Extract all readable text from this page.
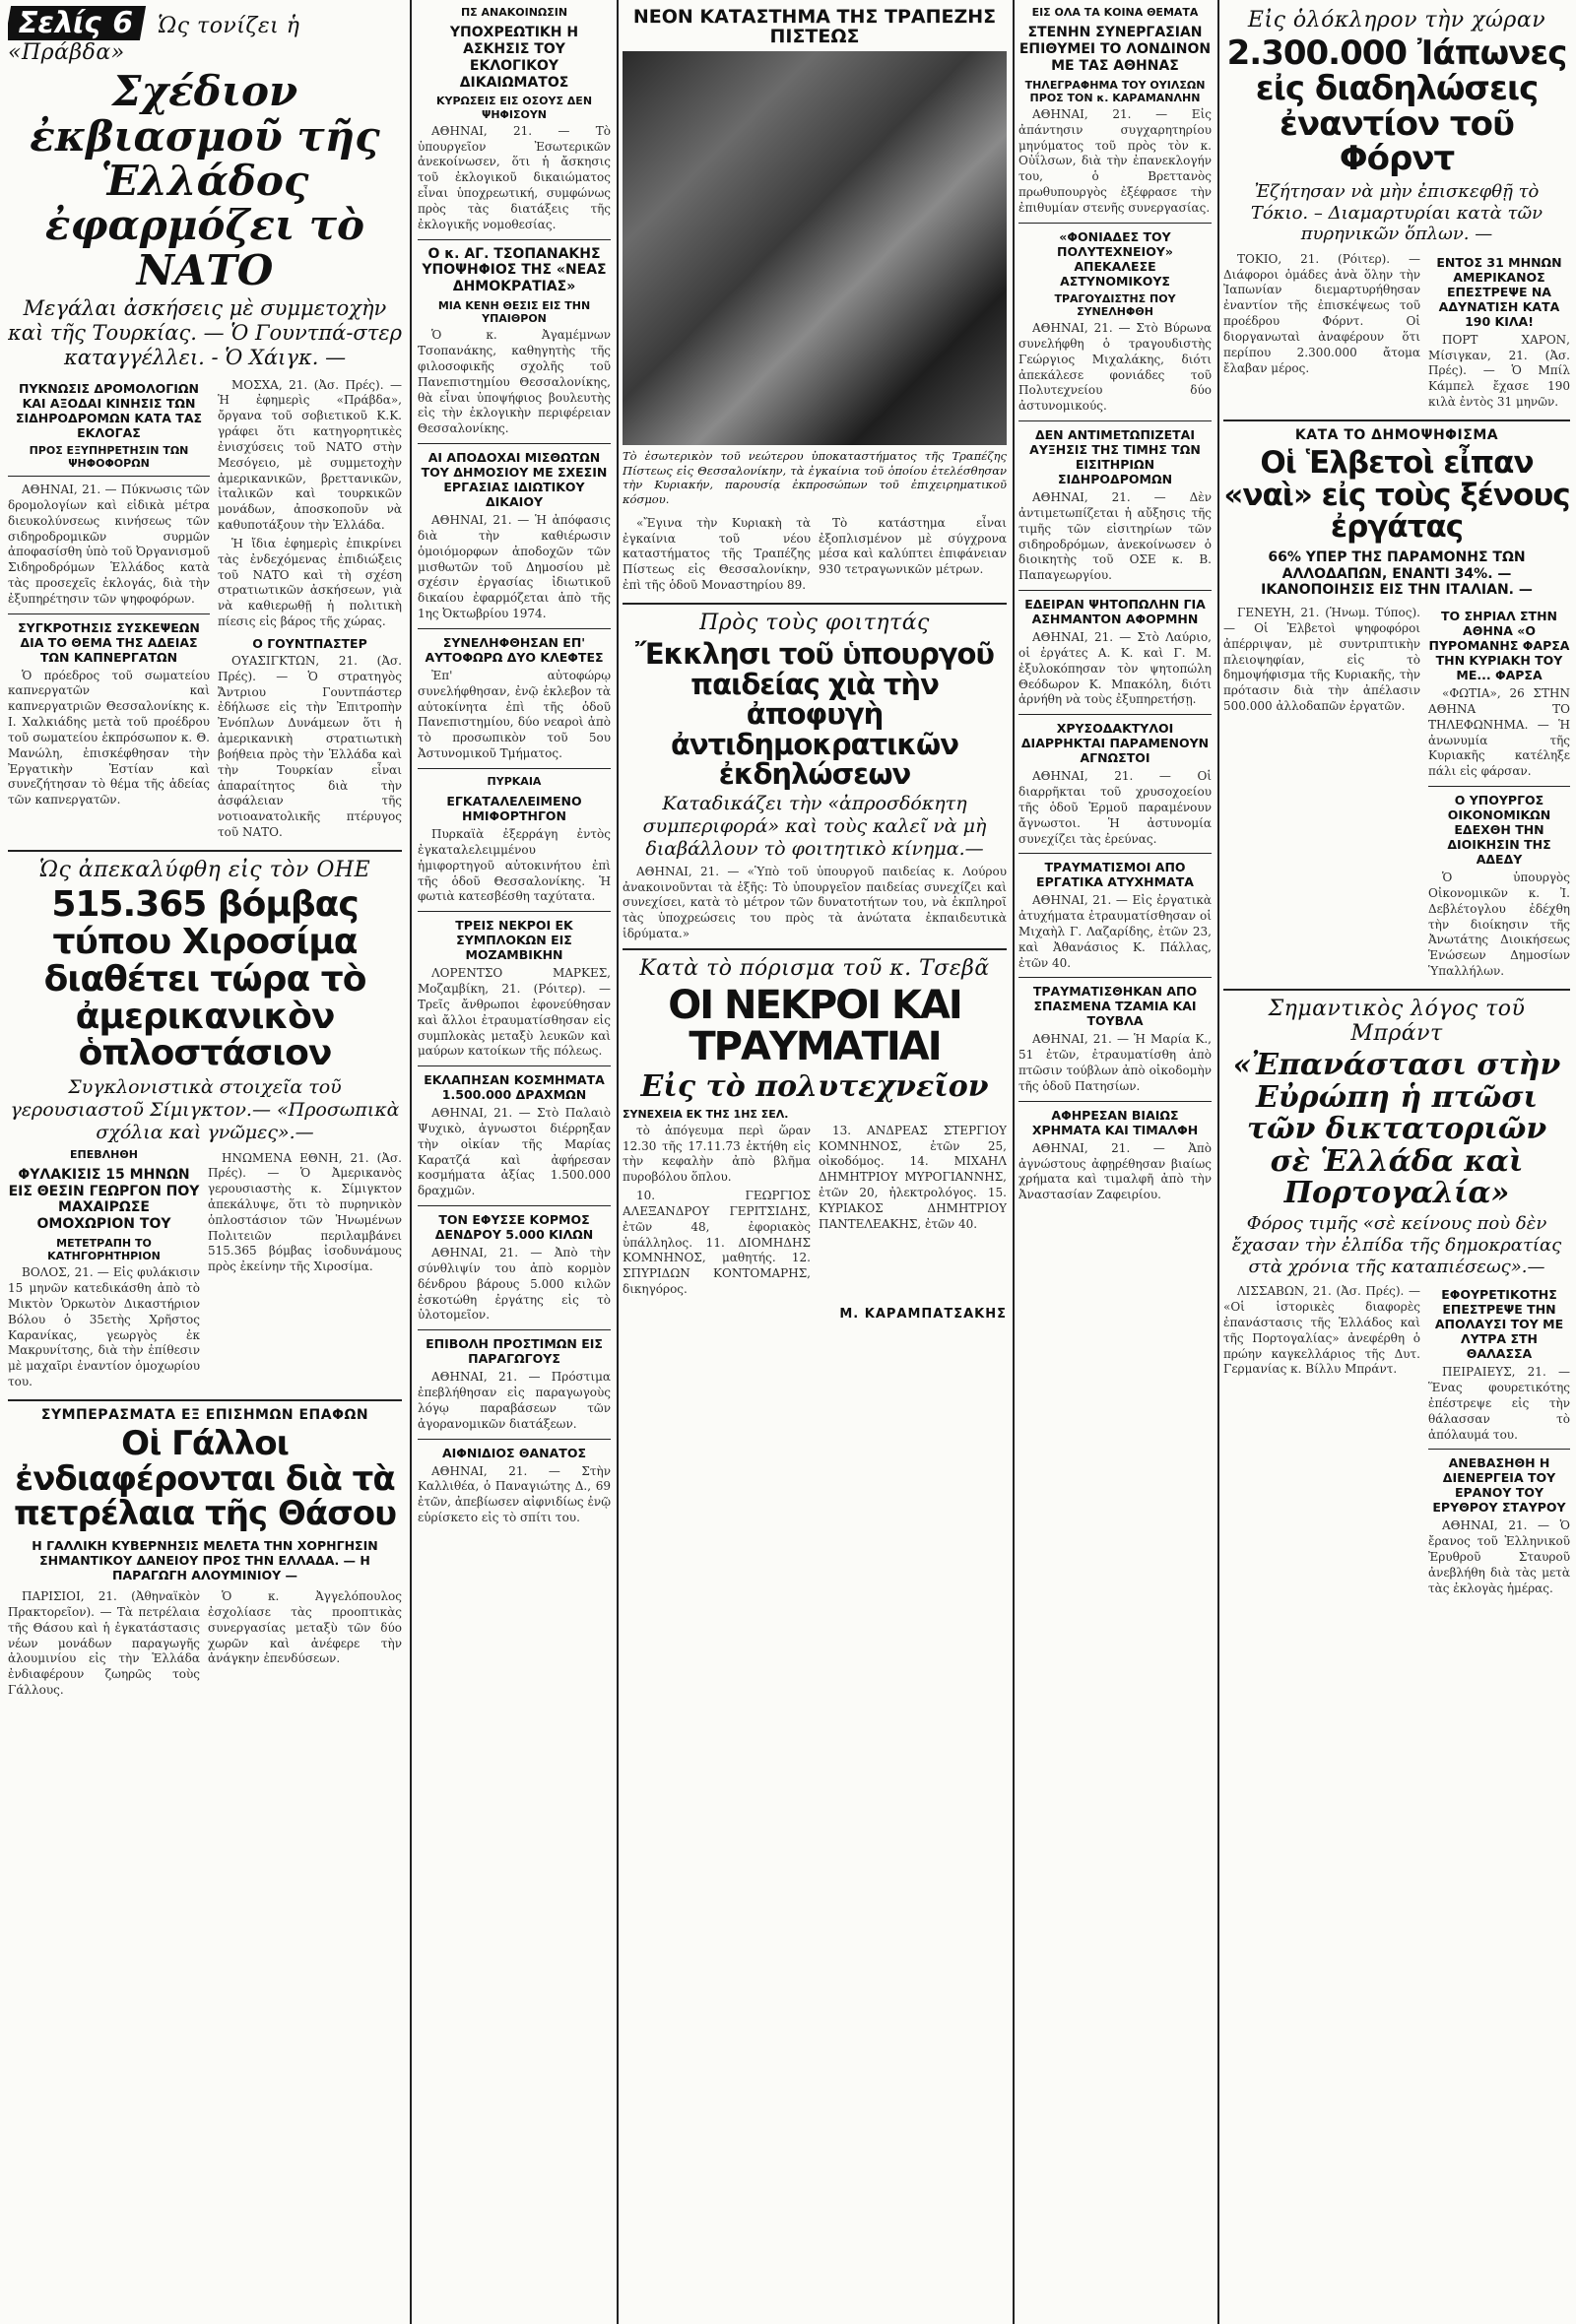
Σελίς 6 Ὡς τονίζει ἡ «Πράβδα»
Σχέδιον ἐκβιασμοῦ τῆς Ἑλλάδος ἐφαρμόζει τὸ ΝΑΤΟ
Μεγάλαι ἀσκήσεις μὲ συμμετοχὴν καὶ τῆς Τουρκίας. — Ὁ Γουντπά-στερ καταγγέλλει. - Ὁ Χάιγκ. —
ΠΥΚΝΩΣΙΣ ΔΡΟΜΟΛΟΓΙΩΝ ΚΑΙ ΑΞΟΔΑΙ ΚΙΝΗΣΙΣ ΤΩΝ ΣΙΔΗΡΟΔΡΟΜΩΝ ΚΑΤΑ ΤΑΣ ΕΚΛΟΓΑΣ
ΠΡΟΣ ΕΞΥΠΗΡΕΤΗΣΙΝ ΤΩΝ ΨΗΦΟΦΟΡΩΝ

ΑΘΗΝΑΙ, 21. — Πύκνωσις τῶν δρομολογίων καὶ εἰδικὰ μέτρα διευκολύνσεως κινήσεως τῶν σιδηροδρομικῶν συρμῶν ἀποφασίσθη ὑπὸ τοῦ Ὀργανισμοῦ Σιδηροδρόμων Ἑλλάδος κατὰ τὰς προσεχεῖς ἐκλογάς, διὰ τὴν ἐξυπηρέτησιν τῶν ψηφοφόρων.

ΣΥΓΚΡΟΤΗΣΙΣ ΣΥΣΚΕΨΕΩΝ ΔΙΑ ΤΟ ΘΕΜΑ ΤΗΣ ΑΔΕΙΑΣ ΤΩΝ ΚΑΠΝΕΡΓΑΤΩΝ

Ὁ πρόεδρος τοῦ σωματείου καπνεργατῶν καὶ καπνεργατριῶν Θεσσαλονίκης κ. Ι. Χαλκιάδης μετὰ τοῦ προέδρου τοῦ σωματείου ἐκπρόσωπον κ. Θ. Μανώλη, ἐπισκέφθησαν τὴν Ἐργατικὴν Ἑστίαν καὶ συνεζήτησαν τὸ θέμα τῆς ἀδείας τῶν καπνεργατῶν.

ΜΟΣΧΑ, 21. (Ἀσ. Πρές). — Ἡ ἐφημερὶς «Πράβδα», ὄργανα τοῦ σοβιετικοῦ Κ.Κ. γράφει ὅτι κατηγορητικὲς ἐνισχύσεις τοῦ ΝΑΤΟ στὴν Μεσόγειο, μὲ συμμετοχὴν ἀμερικανικῶν, βρεττανικῶν, ἰταλικῶν καὶ τουρκικῶν μονάδων, ἀποσκοποῦν νὰ καθυποτάξουν τὴν Ἑλλάδα.

Ἡ ἴδια ἐφημερὶς ἐπικρίνει τὰς ἐνδεχόμενας ἐπιδιώξεις τοῦ ΝΑΤΟ καὶ τὴ σχέση στρατιωτικῶν ἀσκήσεων, γιὰ νὰ καθιερωθῇ ἡ πολιτικὴ πίεσις εἰς βάρος τῆς χώρας.

Ο ΓΟΥΝΤΠΑΣΤΕΡ

ΟΥΑΣΙΓΚΤΩΝ, 21. (Ἀσ. Πρές). — Ὁ στρατηγὸς Ἄντριου Γουντπάστερ ἐδήλωσε εἰς τὴν Ἐπιτροπὴν Ἐνόπλων Δυνάμεων ὅτι ἡ ἀμερικανικὴ στρατιωτικὴ βοήθεια πρὸς τὴν Ἑλλάδα καὶ τὴν Τουρκίαν εἶναι ἀπαραίτητος διὰ τὴν ἀσφάλειαν τῆς νοτιοανατολικῆς πτέρυγος τοῦ ΝΑΤΟ.

Ὡς ἀπεκαλύφθη εἰς τὸν ΟΗΕ
515.365 βόμβας τύπου Χιροσίμα διαθέτει τώρα τὸ ἀμερικανικὸν ὁπλοστάσιον
Συγκλονιστικὰ στοιχεῖα τοῦ γερουσιαστοῦ Σίμιγκτον.— «Προσωπικὰ σχόλια καὶ γνῶμες».—
ΕΠΕΒΛΗΘΗ
ΦΥΛΑΚΙΣΙΣ 15 ΜΗΝΩΝ ΕΙΣ ΘΕΣΙΝ ΓΕΩΡΓΟΝ ΠΟΥ ΜΑΧΑΙΡΩΣΕ ΟΜΟΧΩΡΙΟΝ ΤΟΥ
ΜΕΤΕΤΡΑΠΗ ΤΟ ΚΑΤΗΓΟΡΗΤΗΡΙΟΝ

ΒΟΛΟΣ, 21. — Εἰς φυλάκισιν 15 μηνῶν κατεδικάσθη ἀπὸ τὸ Μικτὸν Ὁρκωτὸν Δικαστήριον Βόλου ὁ 35ετὴς Χρῆστος Καρανίκας, γεωργὸς ἐκ Μακρυνίτσης, διὰ τὴν ἐπίθεσιν μὲ μαχαῖρι ἐναντίον ὁμοχωρίου του.

ΗΝΩΜΕΝΑ ΕΘΝΗ, 21. (Ἀσ. Πρές). — Ὁ Ἀμερικανὸς γερουσιαστὴς κ. Σίμιγκτον ἀπεκάλυψε, ὅτι τὸ πυρηνικὸν ὁπλοστάσιον τῶν Ἡνωμένων Πολιτειῶν περιλαμβάνει 515.365 βόμβας ἰσοδυνάμους πρὸς ἐκείνην τῆς Χιροσίμα.

ΣΥΜΠΕΡΑΣΜΑΤΑ ΕΞ ΕΠΙΣΗΜΩΝ ΕΠΑΦΩΝ
Οἱ Γάλλοι ἐνδιαφέρονται διὰ τὰ πετρέλαια τῆς Θάσου
Η ΓΑΛΛΙΚΗ ΚΥΒΕΡΝΗΣΙΣ ΜΕΛΕΤΑ ΤΗΝ ΧΟΡΗΓΗΣΙΝ ΣΗΜΑΝΤΙΚΟΥ ΔΑΝΕΙΟΥ ΠΡΟΣ ΤΗΝ ΕΛΛΑΔΑ. — Η ΠΑΡΑΓΩΓΗ ΑΛΟΥΜΙΝΙΟΥ —

ΠΑΡΙΣΙΟΙ, 21. (Ἀθηναϊκὸν Πρακτορεῖον). — Τὰ πετρέλαια τῆς Θάσου καὶ ἡ ἐγκατάστασις νέων μονάδων παραγωγῆς ἀλουμινίου εἰς τὴν Ἑλλάδα ἐνδιαφέρουν ζωηρῶς τοὺς Γάλλους.

Ὁ κ. Ἀγγελόπουλος ἐσχολίασε τὰς προοπτικὰς συνεργασίας μεταξὺ τῶν δύο χωρῶν καὶ ἀνέφερε τὴν ἀνάγκην ἐπενδύσεων.

ΠΣ ΑΝΑΚΟΙΝΩΣΙΝ
ΥΠΟΧΡΕΩΤΙΚΗ Η ΑΣΚΗΣΙΣ ΤΟΥ ΕΚΛΟΓΙΚΟΥ ΔΙΚΑΙΩΜΑΤΟΣ
ΚΥΡΩΣΕΙΣ ΕΙΣ ΟΣΟΥΣ ΔΕΝ ΨΗΦΙΣΟΥΝ

ΑΘΗΝΑΙ, 21. — Τὸ ὑπουργεῖον Ἐσωτερικῶν ἀνεκοίνωσεν, ὅτι ἡ ἄσκησις τοῦ ἐκλογικοῦ δικαιώματος εἶναι ὑποχρεωτική, συμφώνως πρὸς τὰς διατάξεις τῆς ἐκλογικῆς νομοθεσίας.

Ο κ. ΑΓ. ΤΣΟΠΑΝΑΚΗΣ ΥΠΟΨΗΦΙΟΣ ΤΗΣ «ΝΕΑΣ ΔΗΜΟΚΡΑΤΙΑΣ»
ΜΙΑ ΚΕΝΗ ΘΕΣΙΣ ΕΙΣ ΤΗΝ ΥΠΑΙΘΡΟΝ

Ὁ κ. Ἀγαμέμνων Τσοπανάκης, καθηγητὴς τῆς φιλοσοφικῆς σχολῆς τοῦ Πανεπιστημίου Θεσσαλονίκης, θὰ εἶναι ὑποψήφιος βουλευτὴς εἰς τὴν ἐκλογικὴν περιφέρειαν Θεσσαλονίκης.

ΑΙ ΑΠΟΔΟΧΑΙ ΜΙΣΘΩΤΩΝ ΤΟΥ ΔΗΜΟΣΙΟΥ ΜΕ ΣΧΕΣΙΝ ΕΡΓΑΣΙΑΣ ΙΔΙΩΤΙΚΟΥ ΔΙΚΑΙΟΥ

ΑΘΗΝΑΙ, 21. — Ἡ ἀπόφασις διὰ τὴν καθιέρωσιν ὁμοιόμορφων ἀποδοχῶν τῶν μισθωτῶν τοῦ Δημοσίου μὲ σχέσιν ἐργασίας ἰδιωτικοῦ δικαίου ἐφαρμόζεται ἀπὸ τῆς 1ης Ὀκτωβρίου 1974.

ΣΥΝΕΛΗΦΘΗΣΑΝ ΕΠ' ΑΥΤΟΦΩΡΩ ΔΥΟ ΚΛΕΦΤΕΣ

Ἐπ' αὐτοφώρῳ συνελήφθησαν, ἐνῷ ἐκλεβον τὰ αὐτοκίνητα ἐπὶ τῆς ὁδοῦ Πανεπιστημίου, δύο νεαροὶ ἀπὸ τὸ προσωπικὸν τοῦ 5ου Ἀστυνομικοῦ Τμήματος.

ΠΥΡΚΑΙΑ
ΕΓΚΑΤΑΛΕΛΕΙΜΕΝΟ ΗΜΙΦΟΡΤΗΓΟΝ

Πυρκαϊὰ ἐξερράγη ἐντὸς ἐγκαταλελειμμένου ἡμιφορτηγοῦ αὐτοκινήτου ἐπὶ τῆς ὁδοῦ Θεσσαλονίκης. Ἡ φωτιὰ κατεσβέσθη ταχύτατα.

ΤΡΕΙΣ ΝΕΚΡΟΙ ΕΚ ΣΥΜΠΛΟΚΩΝ ΕΙΣ ΜΟΖΑΜΒΙΚΗΝ

ΛΟΡΕΝΤΣΟ ΜΑΡΚΕΣ, Μοζαμβίκη, 21. (Ρόιτερ). — Τρεῖς ἄνθρωποι ἐφονεύθησαν καὶ ἄλλοι ἐτραυματίσθησαν εἰς συμπλοκὰς μεταξὺ λευκῶν καὶ μαύρων κατοίκων τῆς πόλεως.

ΕΚΛΑΠΗΣΑΝ ΚΟΣΜΗΜΑΤΑ 1.500.000 ΔΡΑΧΜΩΝ

ΑΘΗΝΑΙ, 21. — Στὸ Παλαιὸ Ψυχικὸ, ἀγνωστοι διέρρηξαν τὴν οἰκίαν τῆς Μαρίας Καρατζά καὶ ἀφήρεσαν κοσμήματα ἀξίας 1.500.000 δραχμῶν.

ΤΟΝ ΕΦΥΣΣΕ ΚΟΡΜΟΣ ΔΕΝΔΡΟΥ 5.000 ΚΙΛΩΝ

ΑΘΗΝΑΙ, 21. — Ἀπὸ τὴν σύνθλιψίν του ἀπὸ κορμὸν δένδρου βάρους 5.000 κιλῶν ἐσκοτώθη ἐργάτης εἰς τὸ ὑλοτομεῖον.

ΕΠΙΒΟΛΗ ΠΡΟΣΤΙΜΩΝ ΕΙΣ ΠΑΡΑΓΩΓΟΥΣ

ΑΘΗΝΑΙ, 21. — Πρόστιμα ἐπεβλήθησαν εἰς παραγωγοὺς λόγῳ παραβάσεων τῶν ἀγορανομικῶν διατάξεων.

ΑΙΦΝΙΔΙΟΣ ΘΑΝΑΤΟΣ

ΑΘΗΝΑΙ, 21. — Στὴν Καλλιθέα, ὁ Παναγιώτης Δ., 69 ἐτῶν, ἀπεβίωσεν αἰφνιδίως ἐνῷ εὑρίσκετο εἰς τὸ σπίτι του.

ΝΕΟΝ ΚΑΤΑΣΤΗΜΑ ΤΗΣ ΤΡΑΠΕΖΗΣ ΠΙΣΤΕΩΣ
Τὸ ἐσωτερικὸν τοῦ νεώτερου ὑποκαταστήματος τῆς Τραπέζης Πίστεως εἰς Θεσσαλονίκην, τὰ ἐγκαίνια τοῦ ὁποίου ἐτελέσθησαν τὴν Κυριακήν, παρουσίᾳ ἐκπροσώπων τοῦ ἐπιχειρηματικοῦ κόσμου.

«Ἔγινα τὴν Κυριακὴ τὰ ἐγκαίνια τοῦ νέου καταστήματος τῆς Τραπέζης Πίστεως εἰς Θεσσαλονίκην, ἐπὶ τῆς ὁδοῦ Μοναστηρίου 89.

Τὸ κατάστημα εἶναι ἐξοπλισμένον μὲ σύγχρονα μέσα καὶ καλύπτει ἐπιφάνειαν 930 τετραγωνικῶν μέτρων.

Πρὸς τοὺς φοιτητάς
Ἔκκλησι τοῦ ὑπουργοῦ παιδείας χιὰ τὴν ἀποφυγὴ ἀντιδημοκρατικῶν ἐκδηλώσεων
Καταδικάζει τὴν «ἀπροσδόκητη συμπεριφορά» καὶ τοὺς καλεῖ νὰ μὴ διαβάλλουν τὸ φοιτητικὸ κίνημα.—

ΑΘΗΝΑΙ, 21. — «Ὑπὸ τοῦ ὑπουργοῦ παιδείας κ. Λούρου ἀνακοινοῦνται τὰ ἑξῆς: Τὸ ὑπουργεῖον παιδείας συνεχίζει καὶ συνεχίσει, κατὰ τὸ μέτρον τῶν δυνατοτήτων του, νὰ ἐκπληροῖ τὰς ὑποχρεώσεις του πρὸς τὰ ἀνώτατα ἐκπαιδευτικὰ ἱδρύματα.»

Κατὰ τὸ πόρισμα τοῦ κ. Τσεβᾶ
ΟΙ ΝΕΚΡΟΙ ΚΑΙ ΤΡΑΥΜΑΤΙΑΙ
Εἰς τὸ πολυτεχνεῖον
ΣΥΝΕΧΕΙΑ ΕΚ ΤΗΣ 1ΗΣ ΣΕΛ.

τὸ ἀπόγευμα περὶ ὥραν 12.30 τῆς 17.11.73 ἐκτήθη εἰς τὴν κεφαλὴν ἀπὸ βλῆμα πυροβόλου ὅπλου.

10. ΓΕΩΡΓΙΟΣ ΑΛΕΞΑΝΔΡΟΥ ΓΕΡΙΤΣΙΔΗΣ, ἐτῶν 48, ἐφοριακὸς ὑπάλληλος. 11. ΔΙΟΜΗΔΗΣ ΚΟΜΝΗΝΟΣ, μαθητής. 12. ΣΠΥΡΙΔΩΝ ΚΟΝΤΟΜΑΡΗΣ, δικηγόρος.

13. ΑΝΔΡΕΑΣ ΣΤΕΡΓΙΟΥ ΚΟΜΝΗΝΟΣ, ἐτῶν 25, οἰκοδόμος. 14. ΜΙΧΑΗΛ ΔΗΜΗΤΡΙΟΥ ΜΥΡΟΓΙΑΝΝΗΣ, ἐτῶν 20, ἠλεκτρολόγος. 15. ΚΥΡΙΑΚΟΣ ΔΗΜΗΤΡΙΟΥ ΠΑΝΤΕΛΕΑΚΗΣ, ἐτῶν 40.

Μ. ΚΑΡΑΜΠΑΤΣΑΚΗΣ
ΕΙΣ ΟΛΑ ΤΑ ΚΟΙΝΑ ΘΕΜΑΤΑ
ΣΤΕΝΗΝ ΣΥΝΕΡΓΑΣΙΑΝ ΕΠΙΘΥΜΕΙ ΤΟ ΛΟΝΔΙΝΟΝ ΜΕ ΤΑΣ ΑΘΗΝΑΣ
ΤΗΛΕΓΡΑΦΗΜΑ ΤΟΥ ΟΥΙΛΣΩΝ ΠΡΟΣ ΤΟΝ κ. ΚΑΡΑΜΑΝΛΗΝ

ΑΘΗΝΑΙ, 21. — Εἰς ἀπάντησιν συγχαρητηρίου μηνύματος τοῦ πρὸς τὸν κ. Οὐΐλσων, διὰ τὴν ἐπανεκλογήν του, ὁ Βρεττανὸς πρωθυπουργὸς ἐξέφρασε τὴν ἐπιθυμίαν στενῆς συνεργασίας.

«ΦΟΝΙΑΔΕΣ ΤΟΥ ΠΟΛΥΤΕΧΝΕΙΟΥ» ΑΠΕΚΑΛΕΣΕ ΑΣΤΥΝΟΜΙΚΟΥΣ
ΤΡΑΓΟΥΔΙΣΤΗΣ ΠΟΥ ΣΥΝΕΛΗΦΘΗ

ΑΘΗΝΑΙ, 21. — Στὸ Βύρωνα συνελήφθη ὁ τραγουδιστὴς Γεώργιος Μιχαλάκης, διότι ἀπεκάλεσε φονιάδες τοῦ Πολυτεχνείου δύο ἀστυνομικούς.

ΔΕΝ ΑΝΤΙΜΕΤΩΠΙΖΕΤΑΙ ΑΥΞΗΣΙΣ ΤΗΣ ΤΙΜΗΣ ΤΩΝ ΕΙΣΙΤΗΡΙΩΝ ΣΙΔΗΡΟΔΡΟΜΩΝ

ΑΘΗΝΑΙ, 21. — Δὲν ἀντιμετωπίζεται ἡ αὔξησις τῆς τιμῆς τῶν εἰσιτηρίων τῶν σιδηροδρόμων, ἀνεκοίνωσεν ὁ διοικητὴς τοῦ ΟΣΕ κ. Β. Παπαγεωργίου.

ΕΔΕΙΡΑΝ ΨΗΤΟΠΩΛΗΝ ΓΙΑ ΑΣΗΜΑΝΤΟΝ ΑΦΟΡΜΗΝ

ΑΘΗΝΑΙ, 21. — Στὸ Λαύριο, οἱ ἐργάτες Α. Κ. καὶ Γ. Μ. ἐξυλοκόπησαν τὸν ψητοπώλη Θεόδωρον Κ. Μπακόλη, διότι ἀρνήθη νὰ τοὺς ἐξυπηρετήσῃ.

ΧΡΥΣΟΔΑΚΤΥΛΟΙ ΔΙΑΡΡΗΚΤΑΙ ΠΑΡΑΜΕΝΟΥΝ ΑΓΝΩΣΤΟΙ

ΑΘΗΝΑΙ, 21. — Οἱ διαρρῆκται τοῦ χρυσοχοείου τῆς ὁδοῦ Ἑρμοῦ παραμένουν ἄγνωστοι. Ἡ ἀστυνομία συνεχίζει τὰς ἐρεύνας.

ΤΡΑΥΜΑΤΙΣΜΟΙ ΑΠΟ ΕΡΓΑΤΙΚΑ ΑΤΥΧΗΜΑΤΑ

ΑΘΗΝΑΙ, 21. — Εἰς ἐργατικὰ ἀτυχήματα ἐτραυματίσθησαν οἱ Μιχαὴλ Γ. Λαζαρίδης, ἐτῶν 23, καὶ Ἀθανάσιος Κ. Πάλλας, ἐτῶν 40.

ΤΡΑΥΜΑΤΙΣΘΗΚΑΝ ΑΠΟ ΣΠΑΣΜΕΝΑ ΤΖΑΜΙΑ ΚΑΙ ΤΟΥΒΛΑ

ΑΘΗΝΑΙ, 21. — Ἡ Μαρία Κ., 51 ἐτῶν, ἐτραυματίσθη ἀπὸ πτῶσιν τούβλων ἀπὸ οἰκοδομὴν τῆς ὁδοῦ Πατησίων.

ΑΦΗΡΕΣΑΝ ΒΙΑΙΩΣ ΧΡΗΜΑΤΑ ΚΑΙ ΤΙΜΑΛΦΗ

ΑΘΗΝΑΙ, 21. — Ἀπὸ ἀγνώστους ἀφῃρέθησαν βιαίως χρήματα καὶ τιμαλφῆ ἀπὸ τὴν Ἀναστασίαν Ζαφειρίου.

Εἰς ὁλόκληρον τὴν χώραν
2.300.000 Ἰάπωνες εἰς διαδηλώσεις ἐναντίον τοῦ Φόρντ
Ἐζήτησαν νὰ μὴν ἐπισκεφθῇ τὸ Τόκιο. – Διαμαρτυρίαι κατὰ τῶν πυρηνικῶν ὅπλων. —

ΤΟΚΙΟ, 21. (Ρόιτερ). — Διάφοροι ὁμάδες ἀνὰ ὅλην τὴν Ἰαπωνίαν διεμαρτυρήθησαν ἐναντίον τῆς ἐπισκέψεως τοῦ προέδρου Φόρντ. Οἱ διοργανωταὶ ἀναφέρουν ὅτι περίπου 2.300.000 ἄτομα ἔλαβαν μέρος.

ΕΝΤΟΣ 31 ΜΗΝΩΝ ΑΜΕΡΙΚΑΝΟΣ ΕΠΕΣΤΡΕΨΕ ΝΑ ΑΔΥΝΑΤΙΣΗ ΚΑΤΑ 190 ΚΙΛΑ!

ΠΟΡΤ ΧΑΡΟΝ, Μίσιγκαν, 21. (Ἀσ. Πρές). — Ὁ Μπίλ Κάμπελ ἔχασε 190 κιλὰ ἐντὸς 31 μηνῶν.

ΚΑΤΑ ΤΟ ΔΗΜΟΨΗΦΙΣΜΑ
Οἱ Ἑλβετοὶ εἶπαν «ναὶ» εἰς τοὺς ξένους ἐργάτας
66% ΥΠΕΡ ΤΗΣ ΠΑΡΑΜΟΝΗΣ ΤΩΝ ΑΛΛΟΔΑΠΩΝ, ΕΝΑΝΤΙ 34%. — ΙΚΑΝΟΠΟΙΗΣΙΣ ΕΙΣ ΤΗΝ ΙΤΑΛΙΑΝ. —

ΓΕΝΕΥΗ, 21. (Ἡνωμ. Τύπος). — Οἱ Ἑλβετοὶ ψηφοφόροι ἀπέρριψαν, μὲ συντριπτικὴν πλειοψηφίαν, εἰς τὸ δημοψήφισμα τῆς Κυριακῆς, τὴν πρότασιν διὰ τὴν ἀπέλασιν 500.000 ἀλλοδαπῶν ἐργατῶν.

ΤΟ ΣΗΡΙΑΛ ΣΤΗΝ ΑΘΗΝΑ «Ο ΠΥΡΟΜΑΝΗΣ ΦΑΡΣΑ ΤΗΝ ΚΥΡΙΑΚΗ ΤΟΥ ΜΕ... ΦΑΡΣΑ

«ΦΩΤΙΑ», 26 ΣΤΗΝ ΑΘΗΝΑ ΤΟ ΤΗΛΕΦΩΝΗΜΑ. — Ἡ ἀνωνυμία τῆς Κυριακῆς κατέληξε πάλι εἰς φάρσαν.

Ο ΥΠΟΥΡΓΟΣ ΟΙΚΟΝΟΜΙΚΩΝ ΕΔΕΧΘΗ ΤΗΝ ΔΙΟΙΚΗΣΙΝ ΤΗΣ ΑΔΕΔΥ

Ὁ ὑπουργὸς Οἰκονομικῶν κ. Ἰ. Δεβλέτογλου ἐδέχθη τὴν διοίκησιν τῆς Ἀνωτάτης Διοικήσεως Ἑνώσεων Δημοσίων Ὑπαλλήλων.

Σημαντικὸς λόγος τοῦ Μπράντ
«Ἐπανάστασι στὴν Εὐρώπη ἡ πτῶσι τῶν δικτατοριῶν σὲ Ἑλλάδα καὶ Πορτογαλία»
Φόρος τιμῆς «σὲ κείνους ποὺ δὲν ἔχασαν τὴν ἐλπίδα τῆς δημοκρατίας στὰ χρόνια τῆς καταπιέσεως».—

ΛΙΣΣΑΒΩΝ, 21. (Ἀσ. Πρές). — «Οἱ ἱστορικὲς διαφορὲς ἐπανάστασις τῆς Ἑλλάδος καὶ τῆς Πορτογαλίας» ἀνεφέρθη ὁ πρώην καγκελλάριος τῆς Δυτ. Γερμανίας κ. Βίλλυ Μπράντ.

ΕΦΟΥΡΕΤΙΚΟΤΗΣ ΕΠΕΣΤΡΕΨΕ ΤΗΝ ΑΠΟΛΑΥΣΙ ΤΟΥ ΜΕ ΛΥΤΡΑ ΣΤΗ ΘΑΛΑΣΣΑ

ΠΕΙΡΑΙΕΥΣ, 21. — Ἕνας φουρετικότης ἐπέστρεψε εἰς τὴν θάλασσαν τὸ ἀπόλαυμά του.

ΑΝΕΒΑΣΗΘΗ Η ΔΙΕΝΕΡΓΕΙΑ ΤΟΥ ΕΡΑΝΟΥ ΤΟΥ ΕΡΥΘΡΟΥ ΣΤΑΥΡΟΥ

ΑΘΗΝΑΙ, 21. — Ὁ ἔρανος τοῦ Ἑλληνικοῦ Ἐρυθροῦ Σταυροῦ ἀνεβλήθη διὰ τὰς μετὰ τὰς ἐκλογὰς ἡμέρας.
